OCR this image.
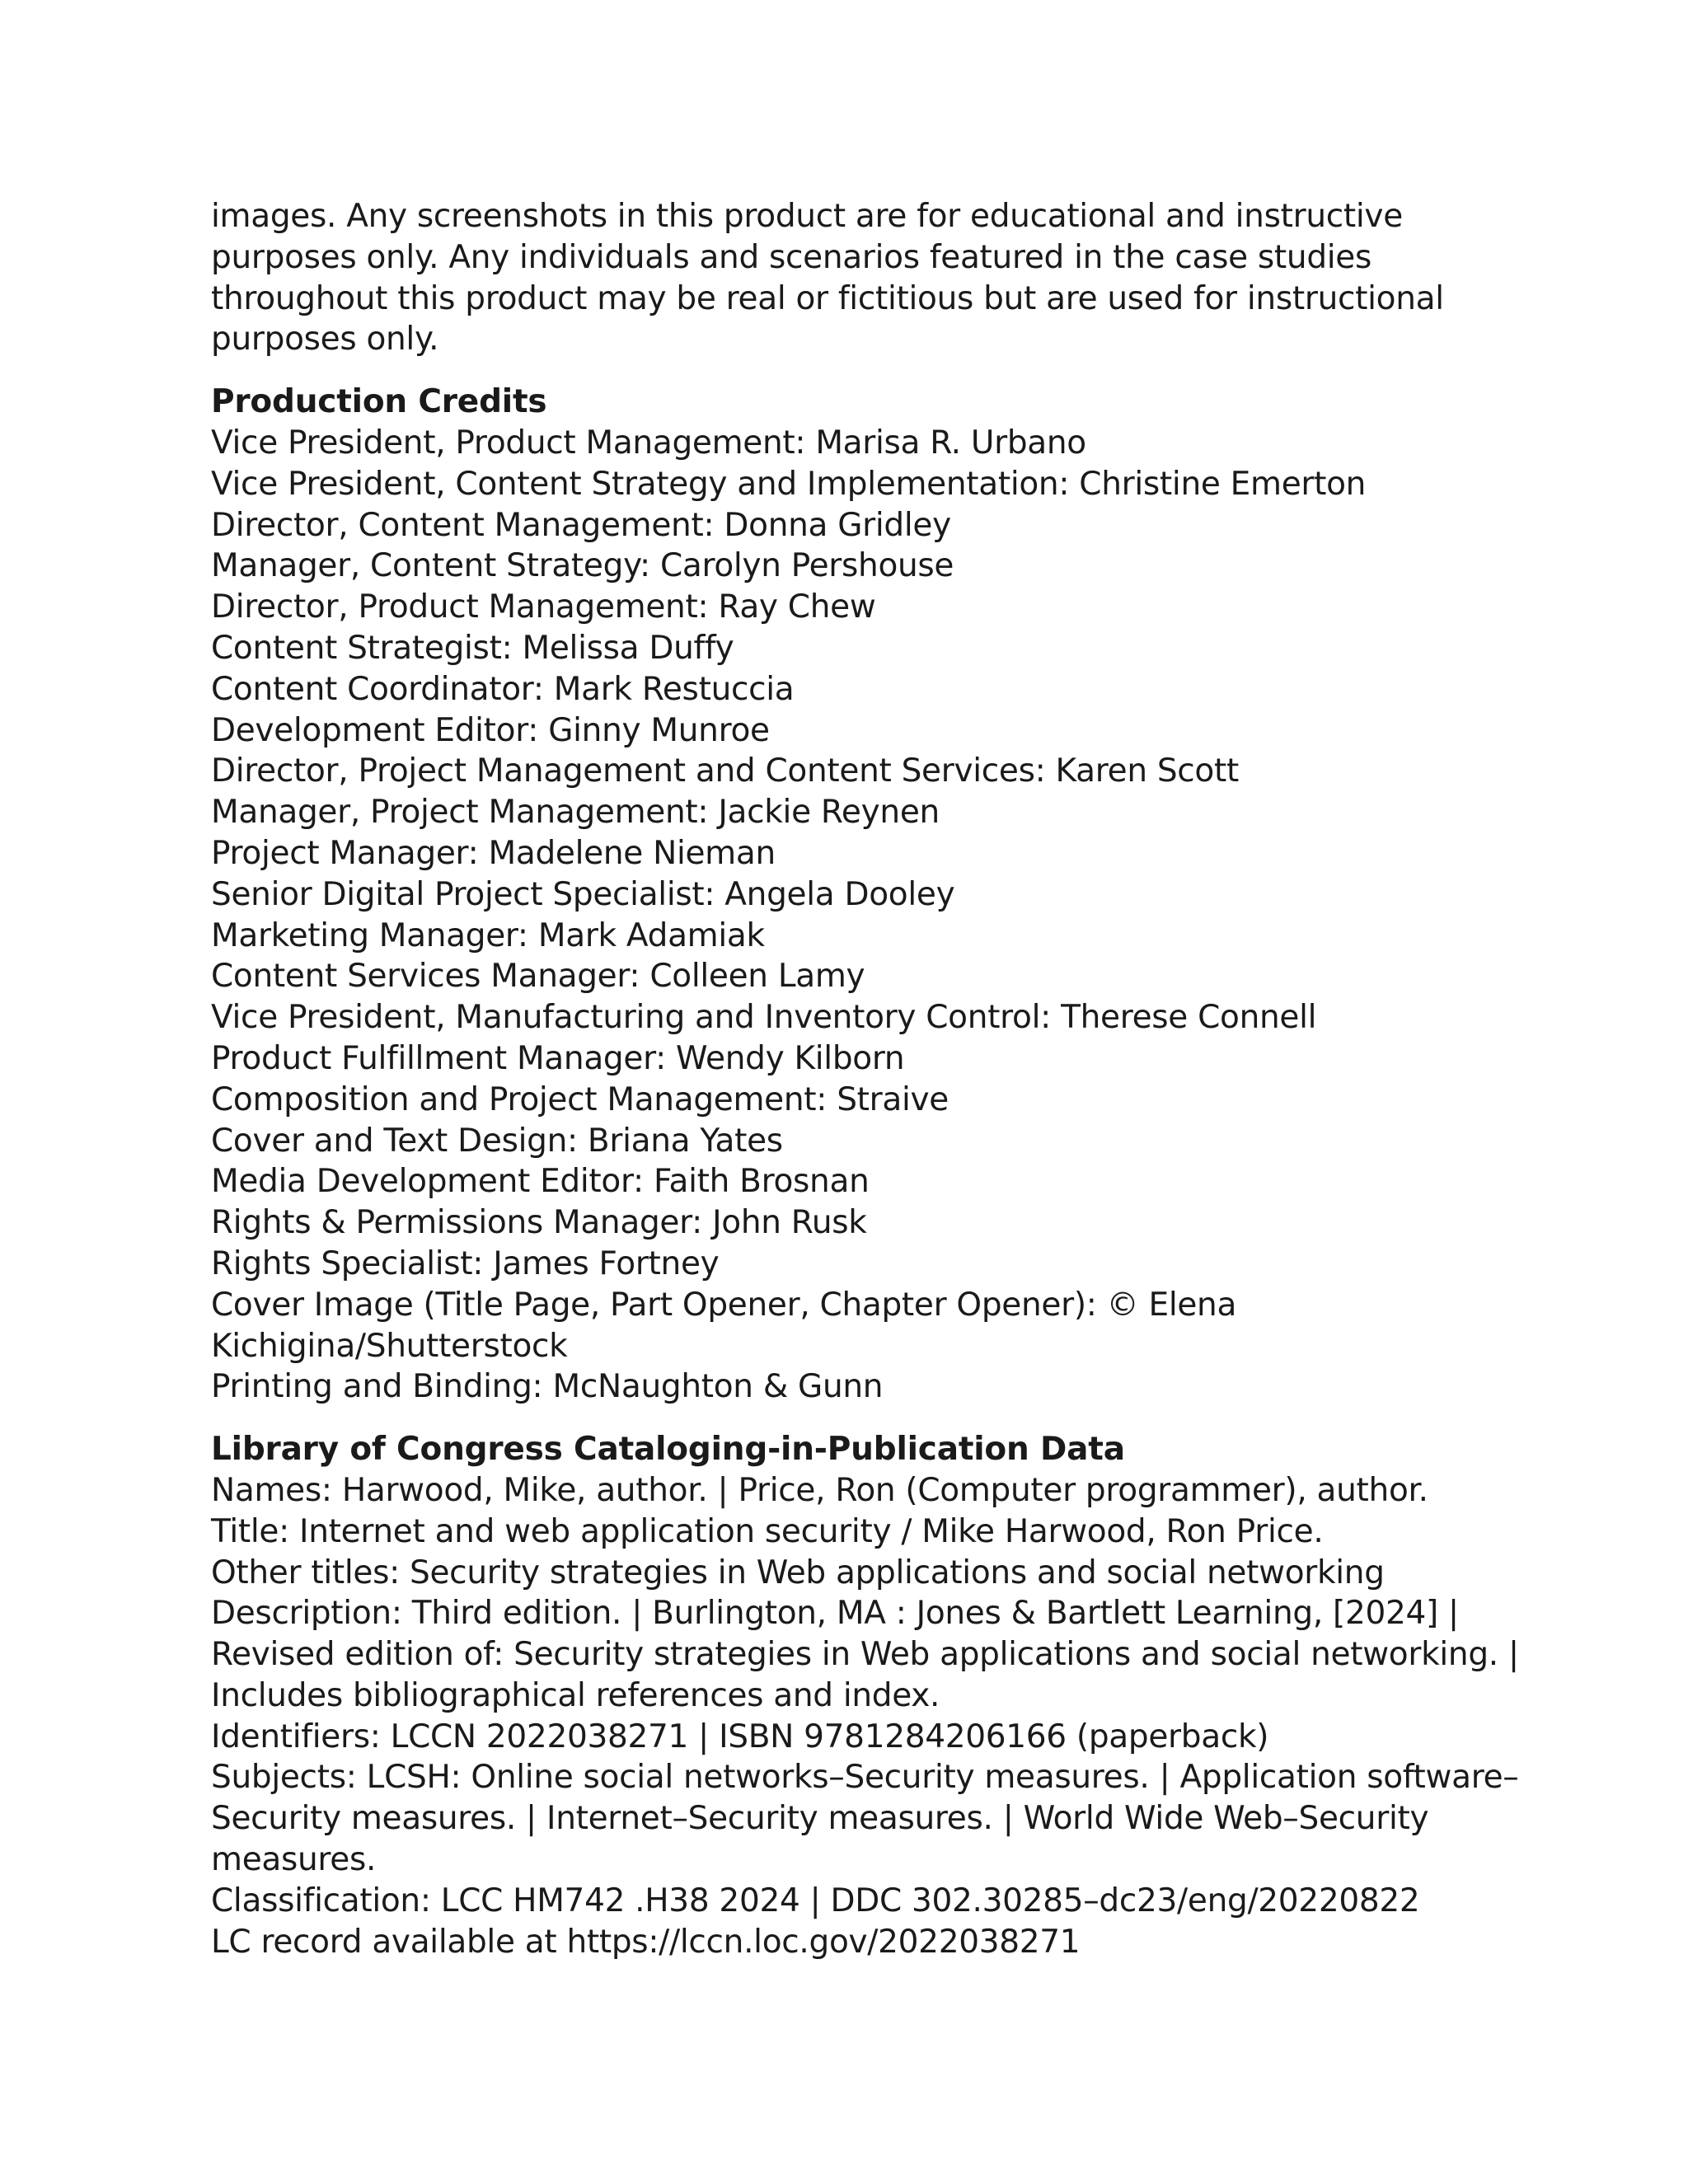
images. Any screenshots in this product are for educational and instructive
purposes only. Any individuals and scenarios featured in the case studies
throughout this product may be real or fictitious but are used for instructional
purposes only.
Production Credits
Vice President, Product Management: Marisa R. Urbano
Vice President, Content Strategy and Implementation: Christine Emerton
Director, Content Management: Donna Gridley
Manager, Content Strategy: Carolyn Pershouse
Director, Product Management: Ray Chew
Content Strategist: Melissa Duffy
Content Coordinator: Mark Restuccia
Development Editor: Ginny Munroe
Director, Project Management and Content Services: Karen Scott
Manager, Project Management: Jackie Reynen
Project Manager: Madelene Nieman
Senior Digital Project Specialist: Angela Dooley
Marketing Manager: Mark Adamiak
Content Services Manager: Colleen Lamy
Vice President, Manufacturing and Inventory Control: Therese Connell
Product Fulfillment Manager: Wendy Kilborn
Composition and Project Management: Straive
Cover and Text Design: Briana Yates
Media Development Editor: Faith Brosnan
Rights & Permissions Manager: John Rusk
Rights Specialist: James Fortney
Cover Image (Title Page, Part Opener, Chapter Opener): © Elena
Kichigina/Shutterstock
Printing and Binding: McNaughton & Gunn
Library of Congress Cataloging-in-Publication Data
Names: Harwood, Mike, author. | Price, Ron (Computer programmer), author.
Title: Internet and web application security / Mike Harwood, Ron Price.
Other titles: Security strategies in Web applications and social networking
Description: Third edition. | Burlington, MA : Jones & Bartlett Learning, [2024] |
Revised edition of: Security strategies in Web applications and social networking. |
Includes bibliographical references and index.
Identifiers: LCCN 2022038271 | ISBN 9781284206166 (paperback)
Subjects: LCSH: Online social networks–Security measures. | Application software–
Security measures. | Internet–Security measures. | World Wide Web–Security
measures.
Classification: LCC HM742 .H38 2024 | DDC 302.30285–dc23/eng/20220822
LC record available at https://lccn.loc.gov/2022038271
